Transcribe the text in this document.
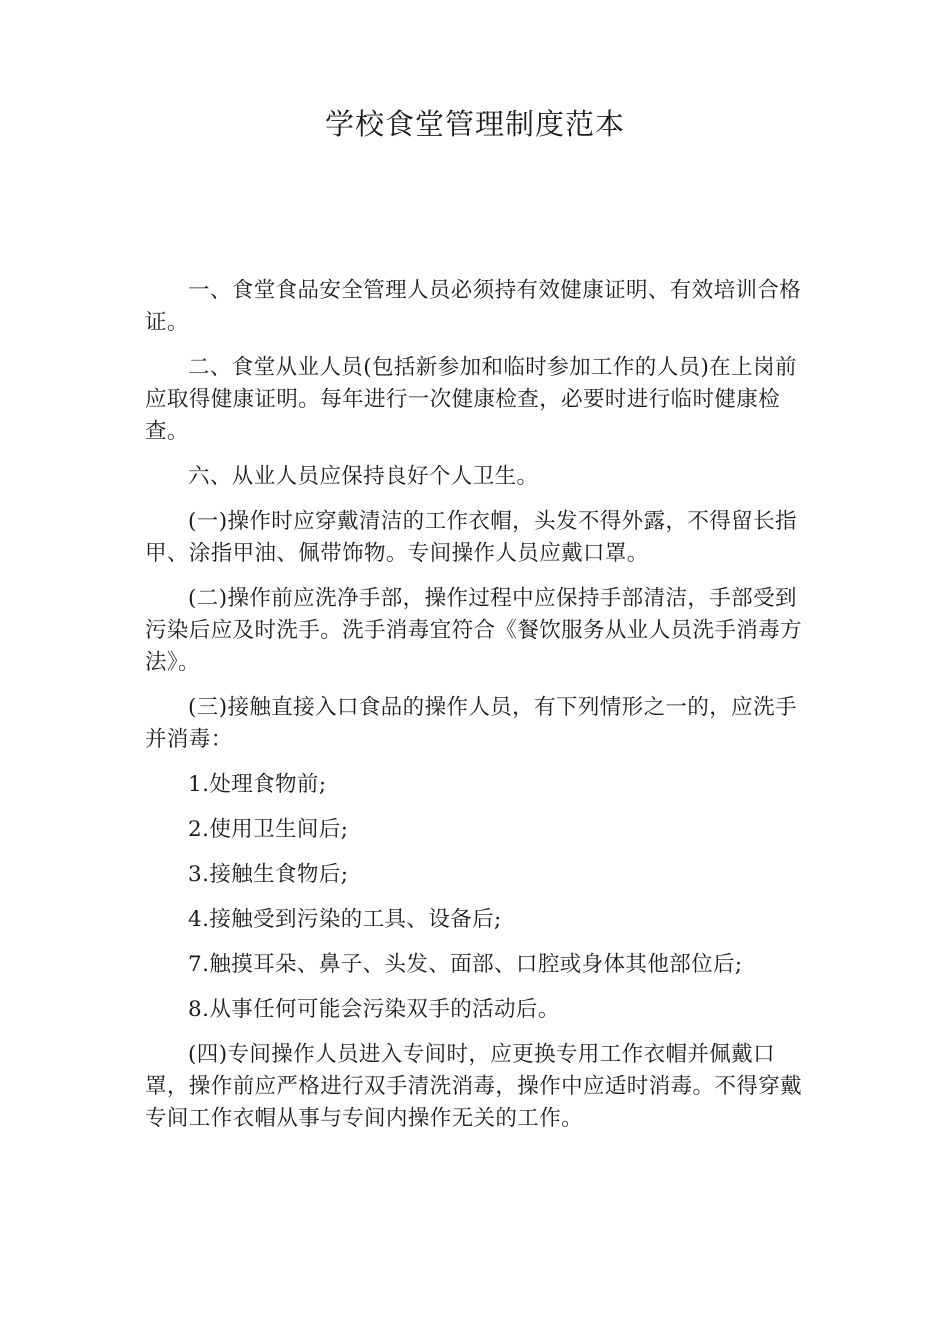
学校食堂管理制度范本

一、食堂食品安全管理人员必须持有效健康证明、有效培训合格证。

二、食堂从业人员(包括新参加和临时参加工作的人员)在上岗前应取得健康证明。每年进行一次健康检查，必要时进行临时健康检查。

六、从业人员应保持良好个人卫生。

(一)操作时应穿戴清洁的工作衣帽，头发不得外露，不得留长指甲、涂指甲油、佩带饰物。专间操作人员应戴口罩。

(二)操作前应洗净手部，操作过程中应保持手部清洁，手部受到污染后应及时洗手。洗手消毒宜符合《餐饮服务从业人员洗手消毒方法》。

(三)接触直接入口食品的操作人员，有下列情形之一的，应洗手并消毒：

1.处理食物前;

2.使用卫生间后;

3.接触生食物后;

4.接触受到污染的工具、设备后;

7.触摸耳朵、鼻子、头发、面部、口腔或身体其他部位后;

8.从事任何可能会污染双手的活动后。

(四)专间操作人员进入专间时，应更换专用工作衣帽并佩戴口罩，操作前应严格进行双手清洗消毒，操作中应适时消毒。不得穿戴专间工作衣帽从事与专间内操作无关的工作。
